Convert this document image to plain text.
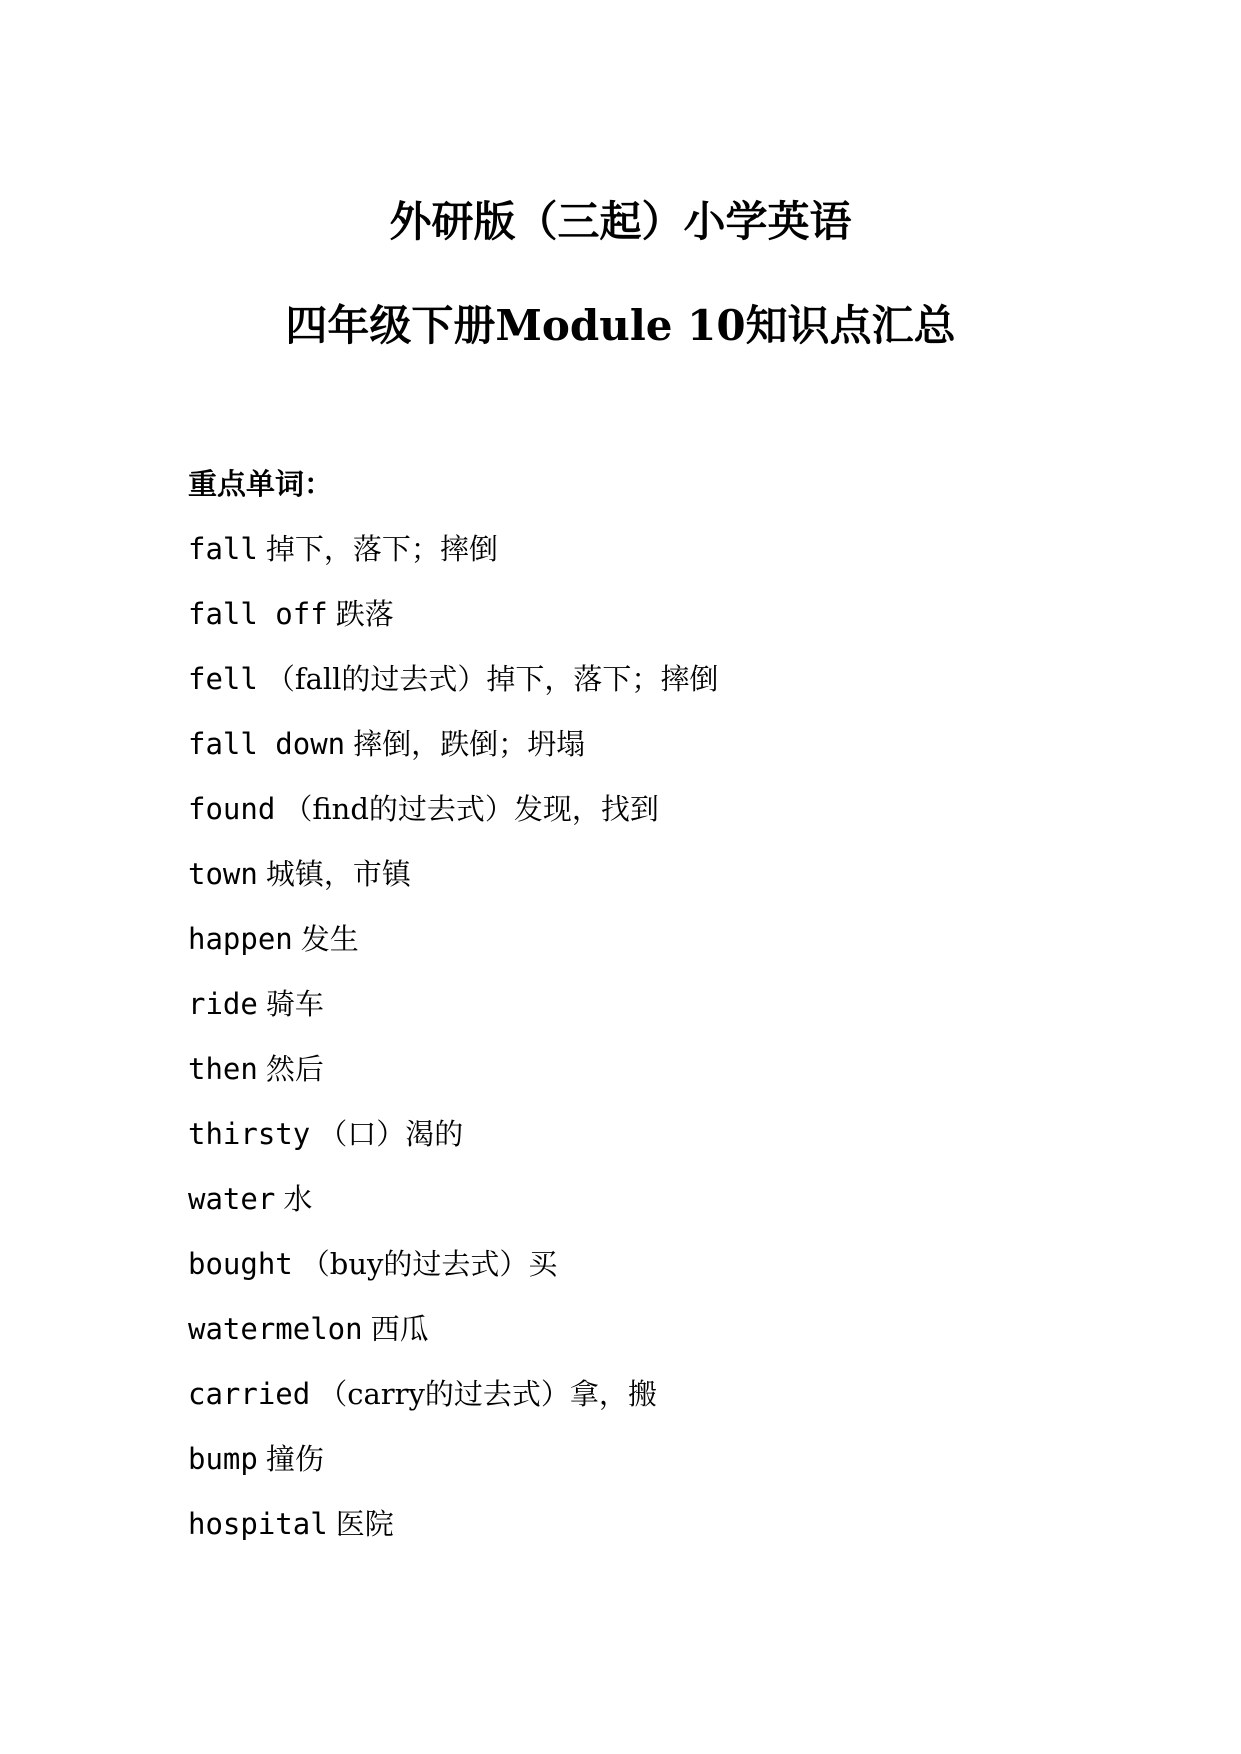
外研版（三起）小学英语
四年级下册Module 10知识点汇总
重点单词：
fall 掉下，落下；摔倒
fall off 跌落
fell （fall的过去式）掉下，落下；摔倒
fall down 摔倒，跌倒；坍塌
found （find的过去式）发现，找到
town 城镇，市镇
happen 发生
ride 骑车
then 然后
thirsty （口）渴的
water 水
bought （buy的过去式）买
watermelon 西瓜
carried （carry的过去式）拿，搬
bump 撞伤
hospital 医院
